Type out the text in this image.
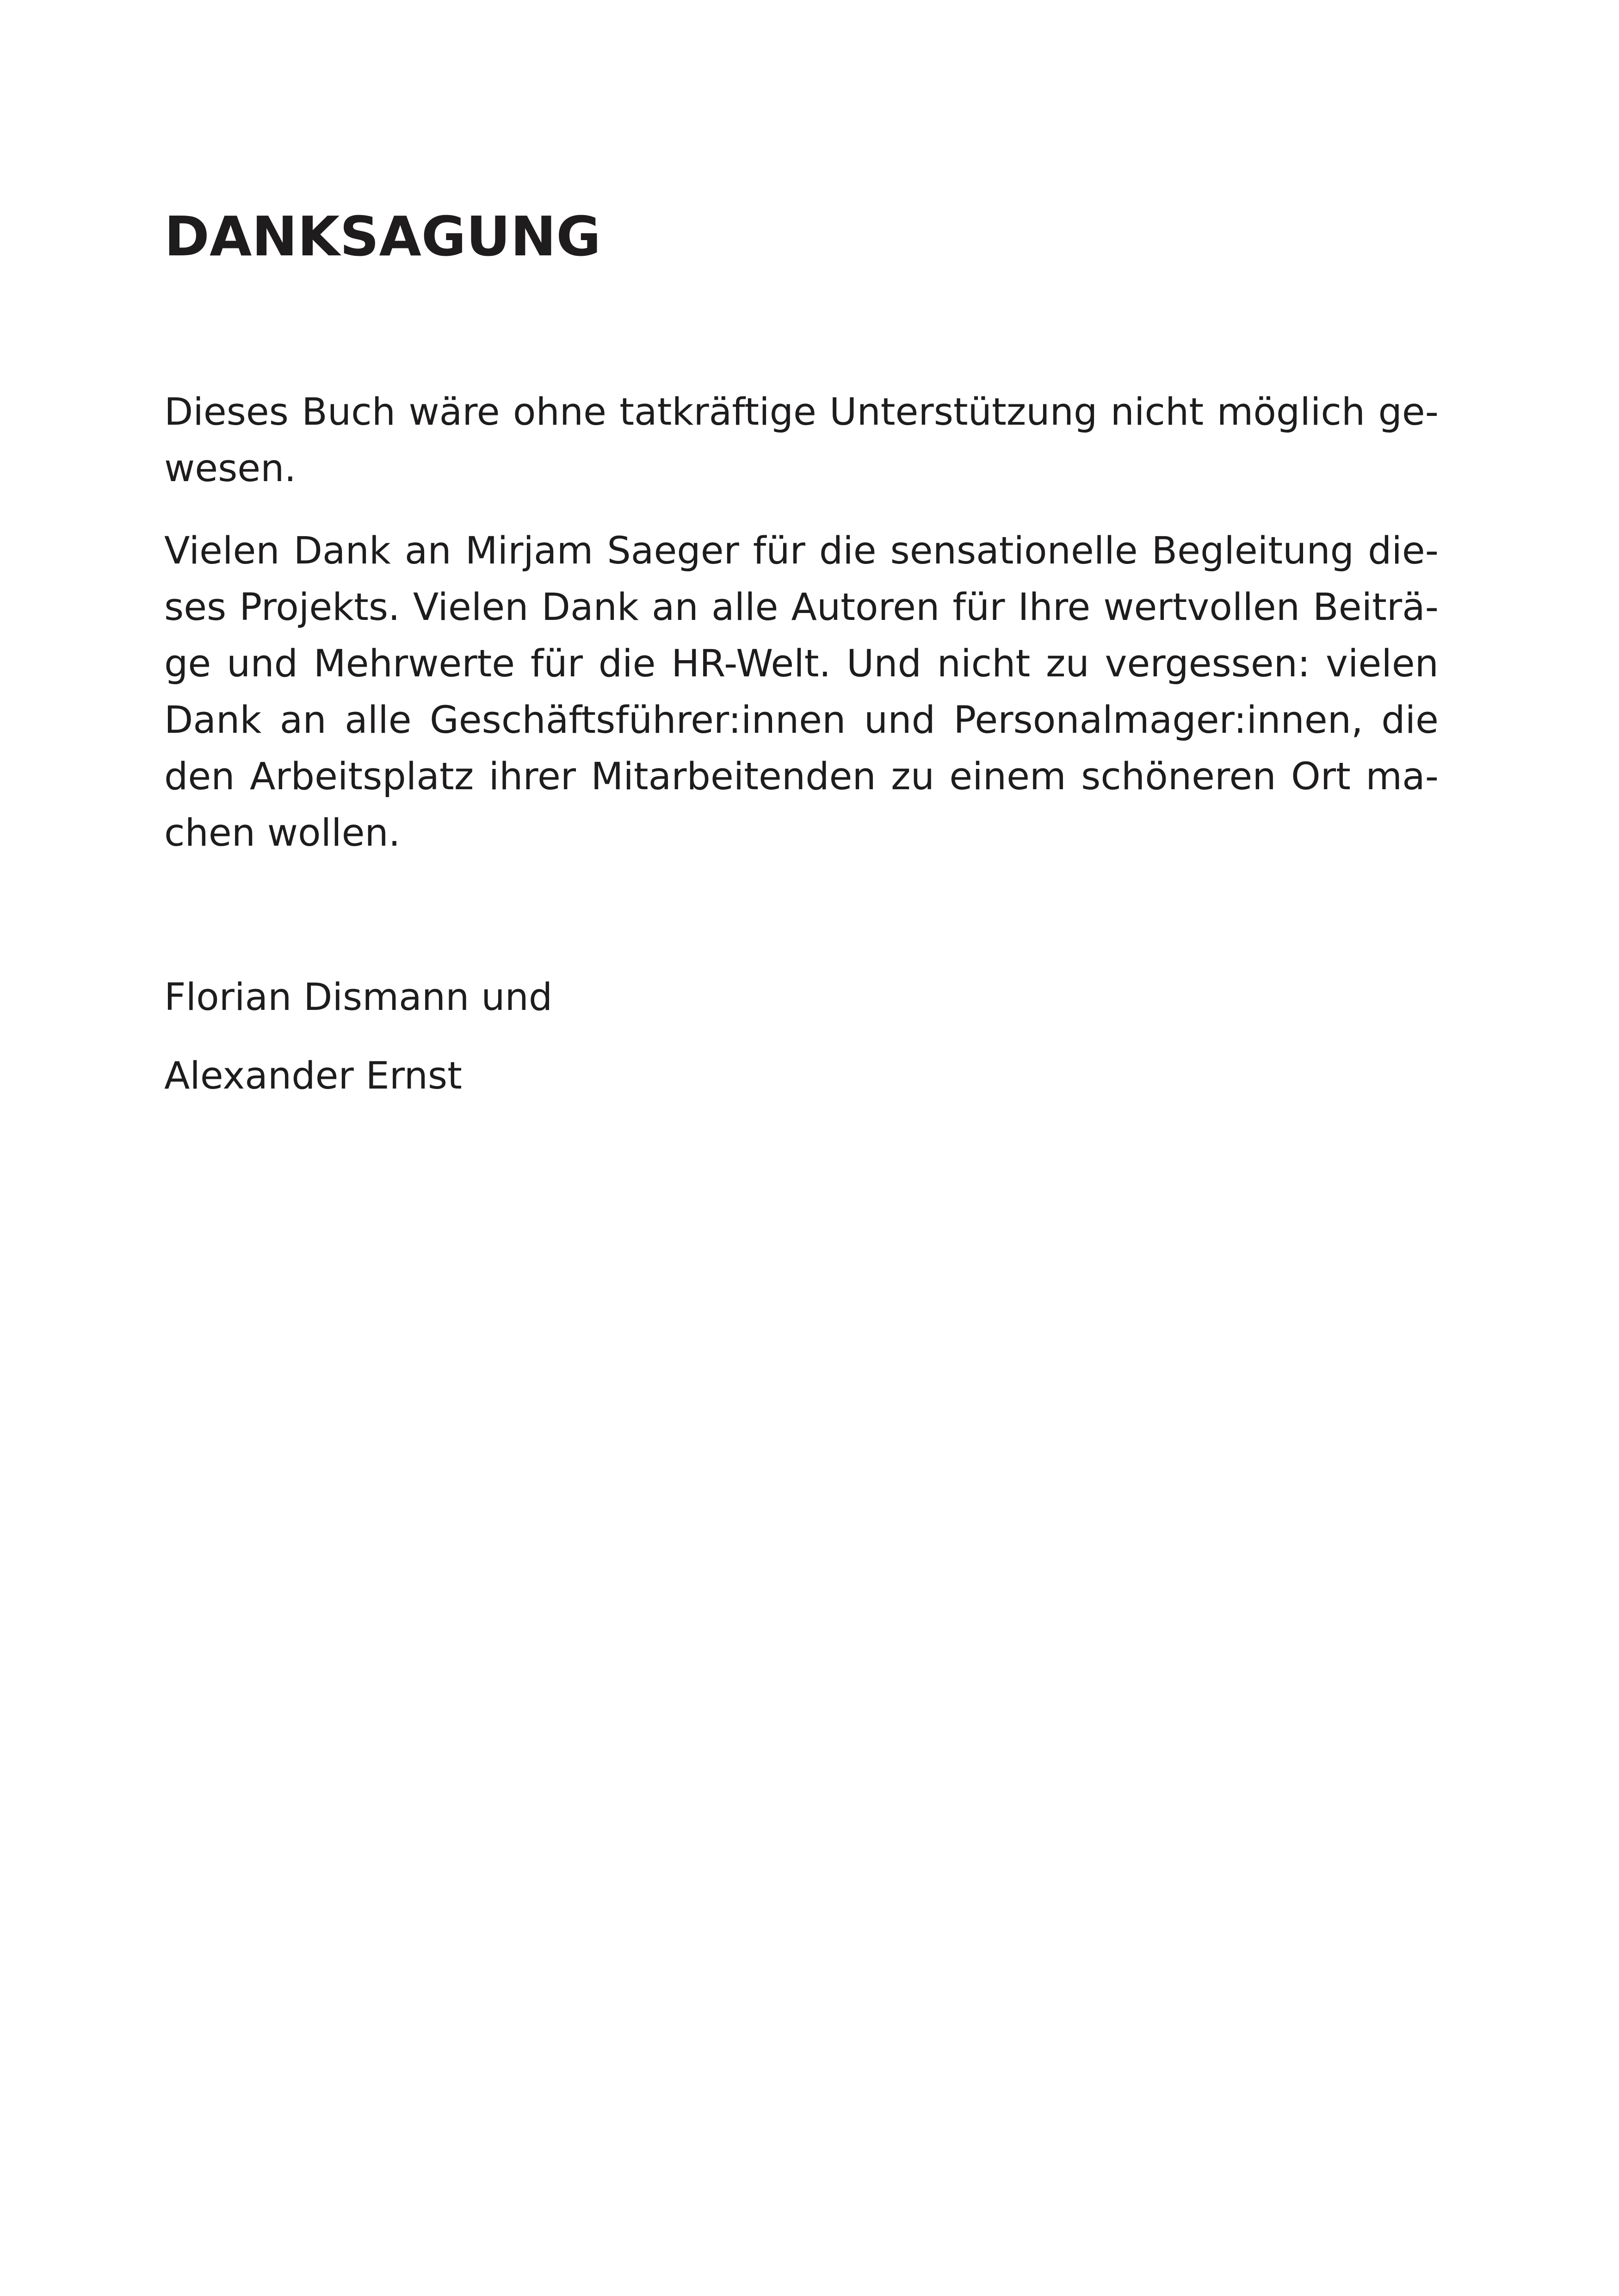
DANKSAGUNG

Dieses Buch wäre ohne tatkräftige Unterstützung nicht möglich ge-
wesen.

Vielen Dank an Mirjam Saeger für die sensationelle Begleitung die-
ses Projekts. Vielen Dank an alle Autoren für Ihre wertvollen Beiträ-
ge und Mehrwerte für die HR-Welt. Und nicht zu vergessen: vielen
Dank an alle Geschäftsführer:innen und Personalmager:innen, die
den Arbeitsplatz ihrer Mitarbeitenden zu einem schöneren Ort ma-
chen wollen.

Florian Dismann und

Alexander Ernst
